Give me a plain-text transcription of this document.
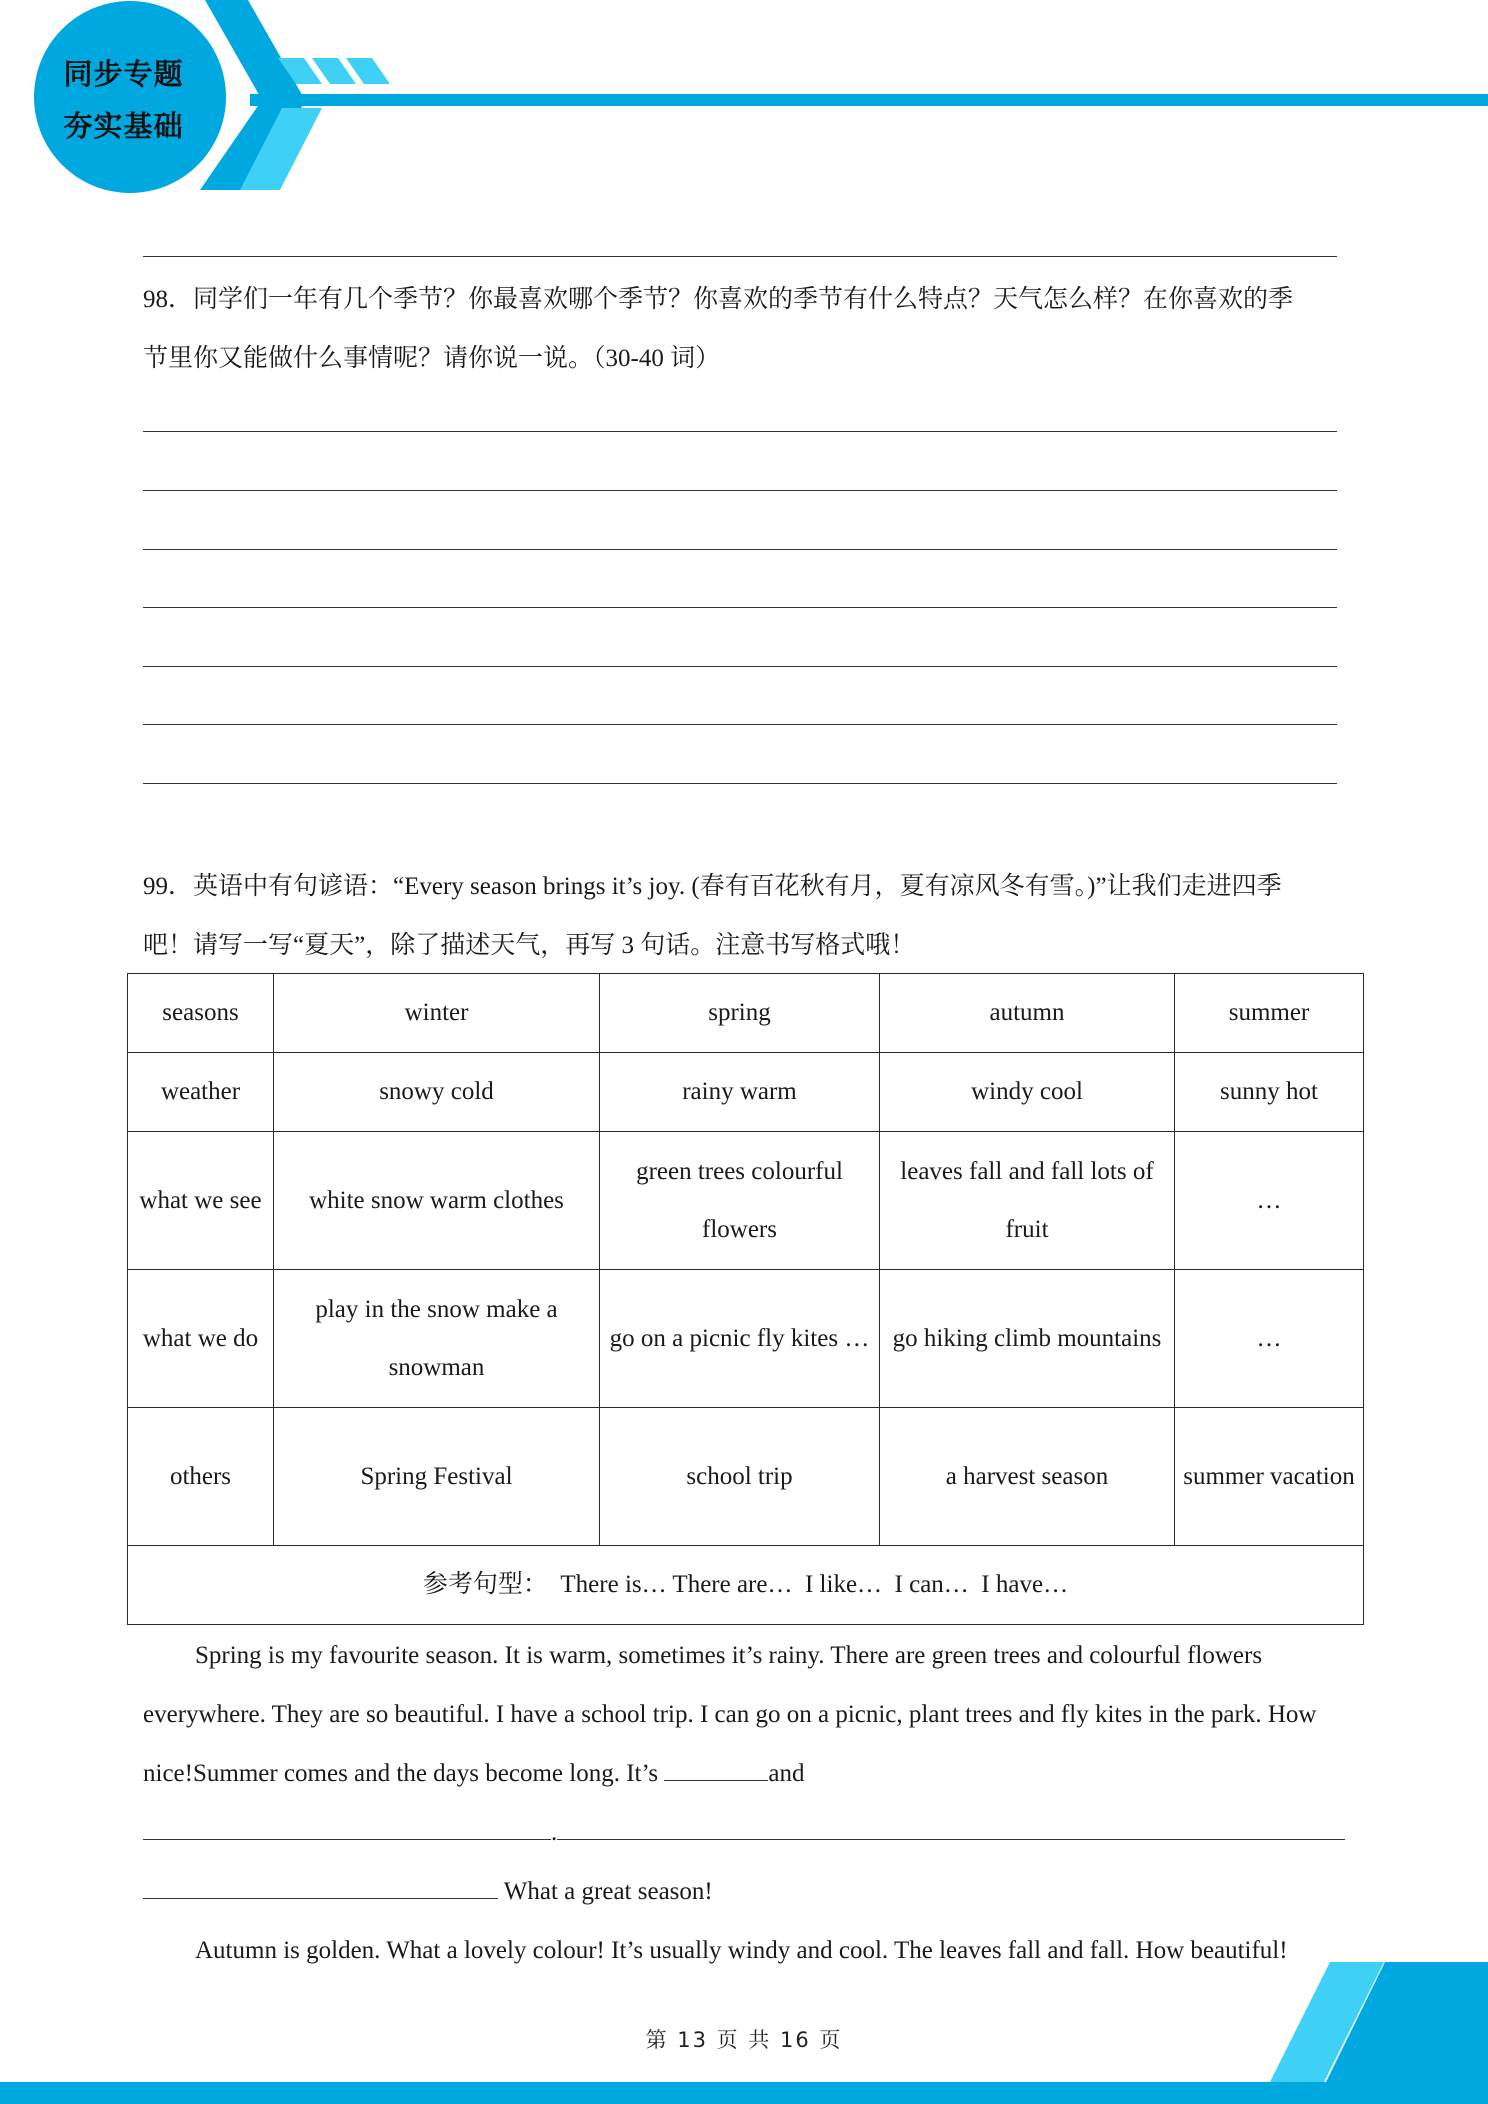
同步专题
夯实基础
98．同学们一年有几个季节？你最喜欢哪个季节？你喜欢的季节有什么特点？天气怎么样？在你喜欢的季
节里你又能做什么事情呢？请你说一说。（30-40 词）
99．英语中有句谚语：“Every season brings it’s joy. (春有百花秋有月，夏有凉风冬有雪。)”让我们走进四季
吧！请写一写“夏天”，除了描述天气，再写 3 句话。注意书写格式哦！
seasons	winter	spring	autumn	summer
weather	snowy cold	rainy warm	windy cool	sunny hot
what we see	white snow warm clothes	green trees colourful flowers	leaves fall and fall lots of fruit	…
what we do	play in the snow make a snowman	go on a picnic fly kites …	go hiking climb mountains	…
others	Spring Festival	school trip	a harvest season	summer vacation
参考句型：  There is… There are…  I like…  I can…  I have…				
Spring is my favourite season. It is warm, sometimes it’s rainy. There are green trees and colourful flowers everywhere. They are so beautiful. I have a school trip. I can go on a picnic, plant trees and fly kites in the park. How nice!Summer comes and the days become long. It’s	and
.
What a great season!
Autumn is golden. What a lovely colour! It’s usually windy and cool. The leaves fall and fall. How beautiful!
第 13 页 共 16 页
